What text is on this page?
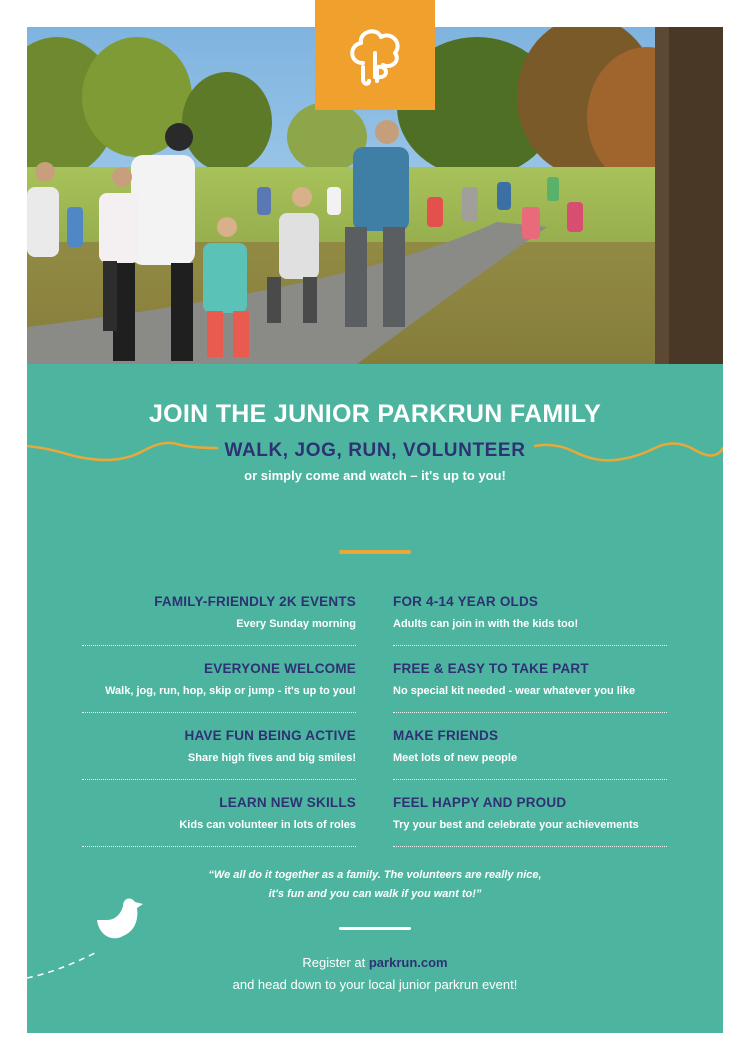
JOIN THE JUNIOR PARKRUN FAMILY
WALK, JOG, RUN, VOLUNTEER
or simply come and watch – it's up to you!
FAMILY-FRIENDLY 2K EVENTS
Every Sunday morning
FOR 4-14 YEAR OLDS
Adults can join in with the kids too!
EVERYONE WELCOME
Walk, jog, run, hop, skip or jump - it's up to you!
FREE & EASY TO TAKE PART
No special kit needed - wear whatever you like
HAVE FUN BEING ACTIVE
Share high fives and big smiles!
MAKE FRIENDS
Meet lots of new people
LEARN NEW SKILLS
Kids can volunteer in lots of roles
FEEL HAPPY AND PROUD
Try your best and celebrate your achievements
“We all do it together as a family. The volunteers are really nice,
it's fun and you can walk if you want to!”
Register at parkrun.com
and head down to your local junior parkrun event!
